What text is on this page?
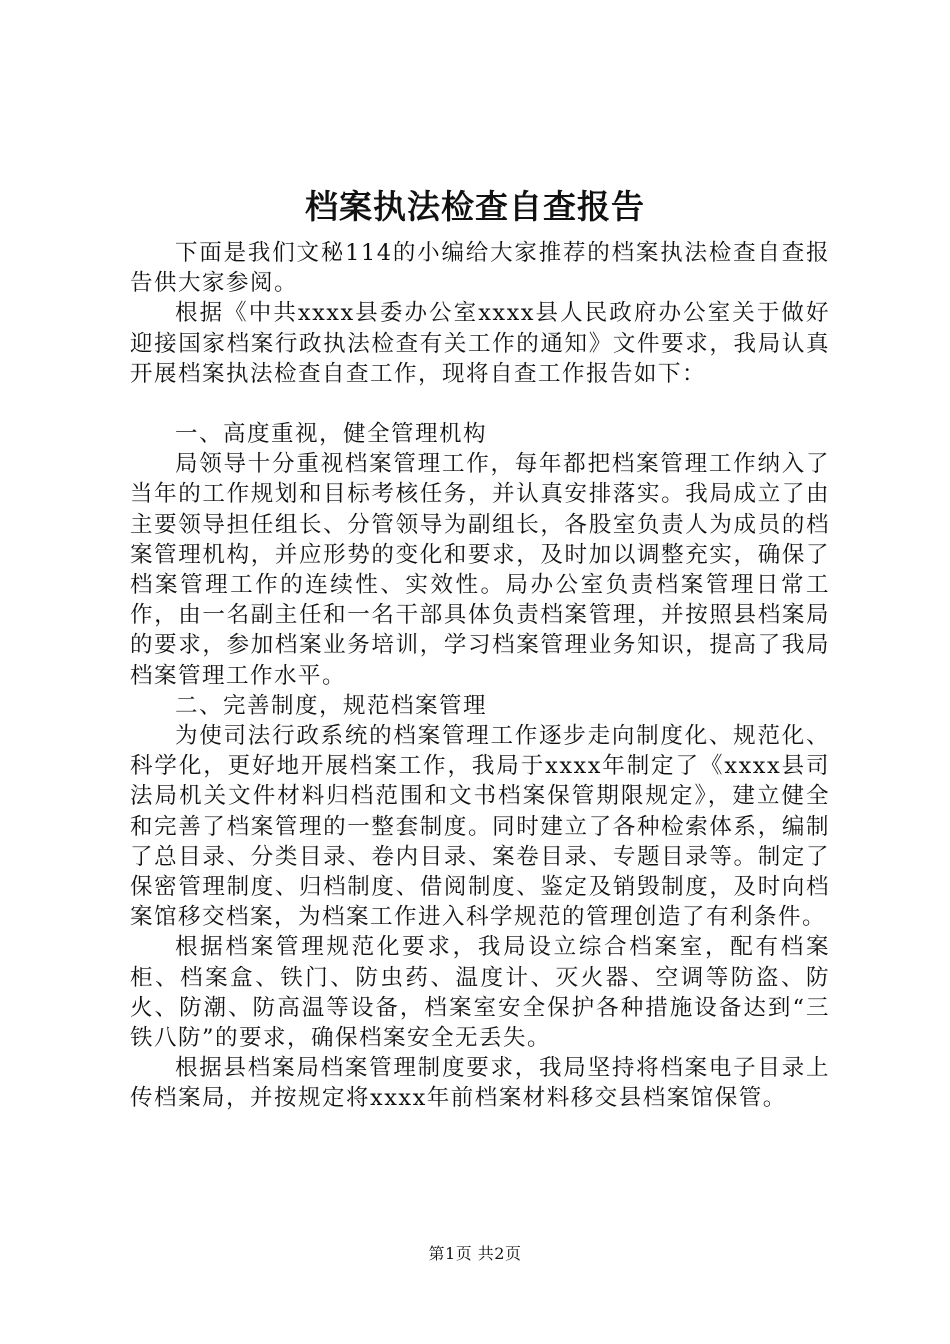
档案执法检查自查报告

下面是我们文秘114的小编给大家推荐的档案执法检查自查报告供大家参阅。

根据《中共xxxx县委办公室xxxx县人民政府办公室关于做好迎接国家档案行政执法检查有关工作的通知》文件要求，我局认真开展档案执法检查自查工作，现将自查工作报告如下：

一、高度重视，健全管理机构

局领导十分重视档案管理工作，每年都把档案管理工作纳入了当年的工作规划和目标考核任务，并认真安排落实。我局成立了由主要领导担任组长、分管领导为副组长，各股室负责人为成员的档案管理机构，并应形势的变化和要求，及时加以调整充实，确保了档案管理工作的连续性、实效性。局办公室负责档案管理日常工作，由一名副主任和一名干部具体负责档案管理，并按照县档案局的要求，参加档案业务培训，学习档案管理业务知识，提高了我局档案管理工作水平。

二、完善制度，规范档案管理

为使司法行政系统的档案管理工作逐步走向制度化、规范化、科学化，更好地开展档案工作，我局于xxxx年制定了《xxxx县司法局机关文件材料归档范围和文书档案保管期限规定》，建立健全和完善了档案管理的一整套制度。同时建立了各种检索体系，编制了总目录、分类目录、卷内目录、案卷目录、专题目录等。制定了保密管理制度、归档制度、借阅制度、鉴定及销毁制度，及时向档案馆移交档案，为档案工作进入科学规范的管理创造了有利条件。

根据档案管理规范化要求，我局设立综合档案室，配有档案柜、档案盒、铁门、防虫药、温度计、灭火器、空调等防盗、防火、防潮、防高温等设备，档案室安全保护各种措施设备达到“三铁八防”的要求，确保档案安全无丢失。

根据县档案局档案管理制度要求，我局坚持将档案电子目录上传档案局，并按规定将xxxx年前档案材料移交县档案馆保管。

第1页 共2页
